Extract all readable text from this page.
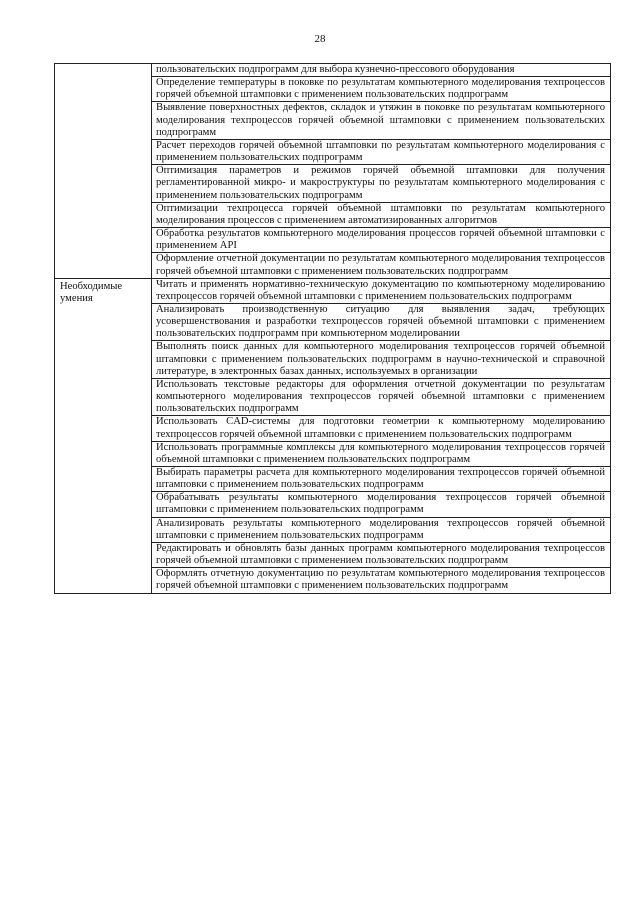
28

	пользовательских подпрограмм для выбора кузнечно-прессового оборудования

	Определение температуры в поковке по результатам компьютерного моделирования техпроцессов горячей объемной штамповки с применением пользовательских подпрограмм

	Выявление поверхностных дефектов, складок и утяжин в поковке по результатам компьютерного моделирования техпроцессов горячей объемной штамповки с применением пользовательских подпрограмм

	Расчет переходов горячей объемной штамповки по результатам компьютерного моделирования с применением пользовательских подпрограмм

	Оптимизация параметров и режимов горячей объемной штамповки для получения регламентированной микро- и макроструктуры по результатам компьютерного моделирования с применением пользовательских подпрограмм

	Оптимизации техпроцесса горячей объемной штамповки по результатам компьютерного моделирования процессов с применением автоматизированных алгоритмов

	Обработка результатов компьютерного моделирования процессов горячей объемной штамповки с применением API

	Оформление отчетной документации по результатам компьютерного моделирования техпроцессов горячей объемной штамповки с применением пользовательских подпрограмм

Необходимые умения	Читать и применять нормативно-техническую документацию по компьютерному моделированию техпроцессов горячей объемной штамповки с применением пользовательских подпрограмм

	Анализировать производственную ситуацию для выявления задач, требующих усовершенствования и разработки техпроцессов горячей объемной штамповки с применением пользовательских подпрограмм при компьютерном моделировании

	Выполнять поиск данных для компьютерного моделирования техпроцессов горячей объемной штамповки с применением пользовательских подпрограмм в научно-технической и справочной литературе, в электронных базах данных, используемых в организации

	Использовать текстовые редакторы для оформления отчетной документации по результатам компьютерного моделирования техпроцессов горячей объемной штамповки с применением пользовательских подпрограмм

	Использовать CAD-системы для подготовки геометрии к компьютерному моделированию техпроцессов горячей объемной штамповки с применением пользовательских подпрограмм

	Использовать программные комплексы для компьютерного моделирования техпроцессов горячей объемной штамповки с применением пользовательских подпрограмм

	Выбирать параметры расчета для компьютерного моделирования техпроцессов горячей объемной штамповки с применением пользовательских подпрограмм

	Обрабатывать результаты компьютерного моделирования техпроцессов горячей объемной штамповки с применением пользовательских подпрограмм

	Анализировать результаты компьютерного моделирования техпроцессов горячей объемной штамповки с применением пользовательских подпрограмм

	Редактировать и обновлять базы данных программ компьютерного моделирования техпроцессов горячей объемной штамповки с применением пользовательских подпрограмм

	Оформлять отчетную документацию по результатам компьютерного моделирования техпроцессов горячей объемной штамповки с применением пользовательских подпрограмм
